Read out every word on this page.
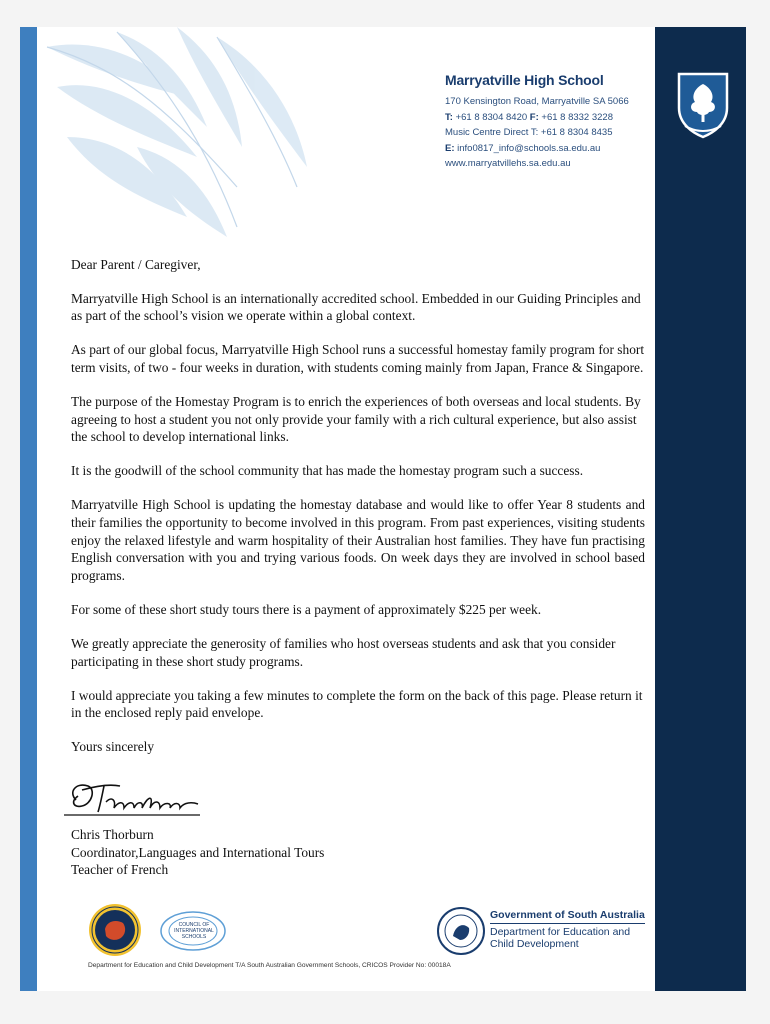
Marryatville High School
170 Kensington Road, Marryatville SA 5066
T: +61 8 8304 8420 F: +61 8 8332 3228
Music Centre Direct T: +61 8 8304 8435
E: info0817_info@schools.sa.edu.au
www.marryatvillehs.sa.edu.au

Dear Parent / Caregiver,

Marryatville High School is an internationally accredited school. Embedded in our Guiding Principles and as part of the school’s vision we operate within a global context.

As part of our global focus, Marryatville High School runs a successful homestay family program for short term visits, of two - four weeks in duration, with students coming mainly from Japan, France & Singapore.

The purpose of the Homestay Program is to enrich the experiences of both overseas and local students. By agreeing to host a student you not only provide your family with a rich cultural experience, but also assist the school to develop international links.

It is the goodwill of the school community that has made the homestay program such a success.

Marryatville High School is updating the homestay database and would like to offer Year 8 students and their families the opportunity to become involved in this program. From past experiences, visiting students enjoy the relaxed lifestyle and warm hospitality of their Australian host families. They have fun practising English conversation with you and trying various foods. On week days they are involved in school based programs.

For some of these short study tours there is a payment of approximately $225 per week.

We greatly appreciate the generosity of families who host overseas students and ask that you consider participating in these short study programs.

I would appreciate you taking a few minutes to complete the form on the back of this page. Please return it in the enclosed reply paid envelope.

Yours sincerely

Chris Thorburn
Coordinator,Languages and International Tours
Teacher of French
COUNCIL OF
INTERNATIONAL
SCHOOLS
Government of South Australia
Department for Education and
Child Development
Department for Education and Child Development T/A South Australian Government Schools, CRICOS Provider No: 00018A
